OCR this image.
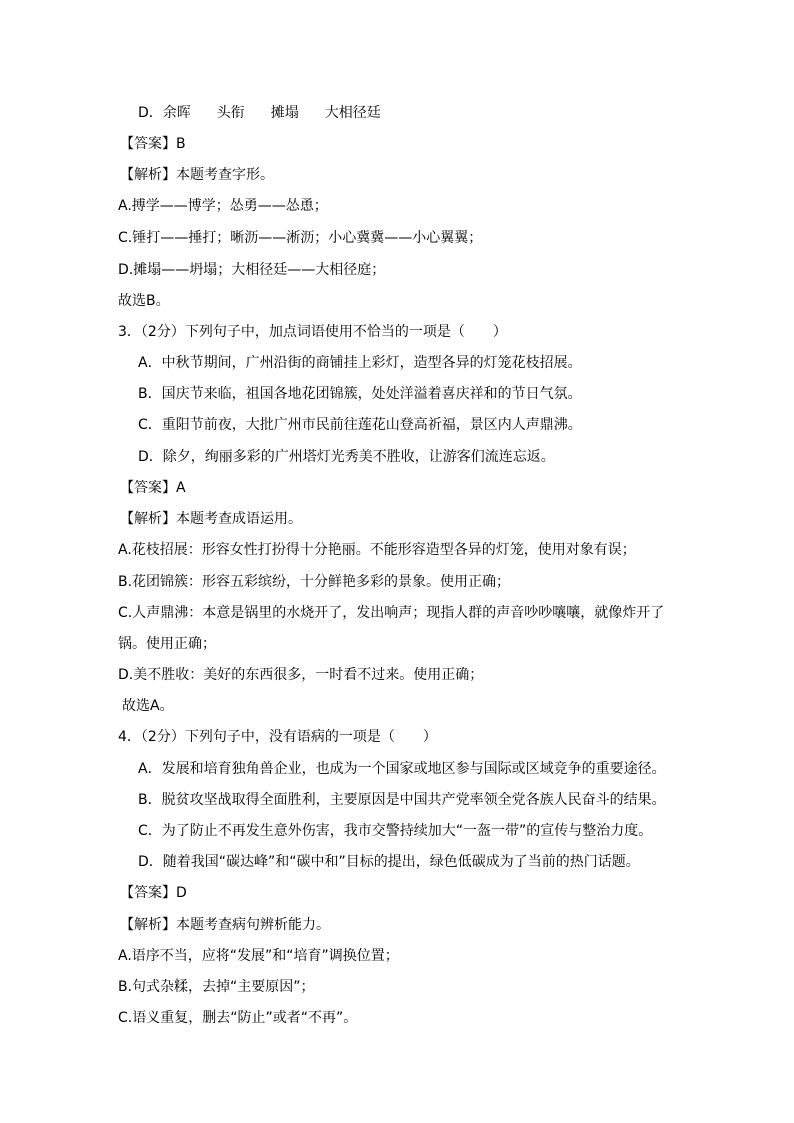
D．余晖 头衔 摊塌 大相径廷
【答案】B
【解析】本题考查字形。
A.搏学——博学；怂勇——怂恿；
C.锤打——捶打；晰沥——淅沥；小心冀冀——小心翼翼；
D.摊塌——坍塌；大相径廷——大相径庭；
故选B。
3．（2分）下列句子中，加点词语使用不恰当的一项是（　　）
A．中秋节期间，广州沿街的商铺挂上彩灯，造型各异的灯笼花枝招展。
B．国庆节来临，祖国各地花团锦簇，处处洋溢着喜庆祥和的节日气氛。
C．重阳节前夜，大批广州市民前往莲花山登高祈福，景区内人声鼎沸。
D．除夕，绚丽多彩的广州塔灯光秀美不胜收，让游客们流连忘返。
【答案】A
【解析】本题考查成语运用。
A.花枝招展：形容女性打扮得十分艳丽。不能形容造型各异的灯笼，使用对象有误；
B.花团锦簇：形容五彩缤纷，十分鲜艳多彩的景象。使用正确；
C.人声鼎沸：本意是锅里的水烧开了，发出响声；现指人群的声音吵吵嚷嚷，就像炸开了
锅。使用正确；
D.美不胜收：美好的东西很多，一时看不过来。使用正确；
故选A。
4．（2分）下列句子中，没有语病的一项是（　　）
A．发展和培育独角兽企业，也成为一个国家或地区参与国际或区域竞争的重要途径。
B．脱贫攻坚战取得全面胜利，主要原因是中国共产党率领全党各族人民奋斗的结果。
C．为了防止不再发生意外伤害，我市交警持续加大“一盔一带”的宣传与整治力度。
D．随着我国“碳达峰”和“碳中和”目标的提出，绿色低碳成为了当前的热门话题。
【答案】D
【解析】本题考查病句辨析能力。
A.语序不当，应将“发展”和“培育”调换位置；
B.句式杂糅，去掉“主要原因”；
C.语义重复，删去“防止”或者“不再”。
